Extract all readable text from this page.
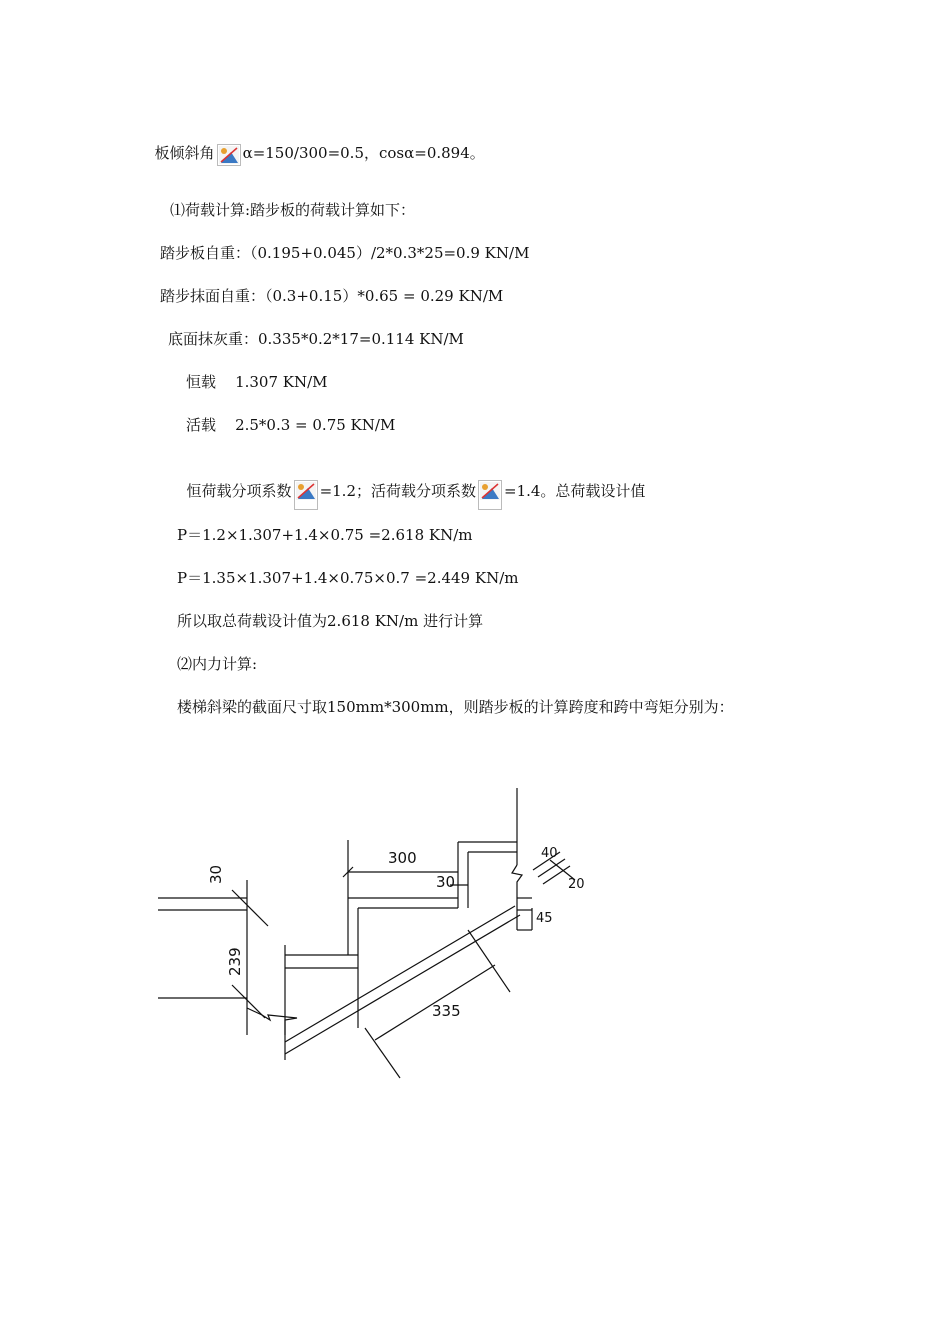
板倾斜角 α=150/300=0.5，cosα=0.894。

⑴荷载计算:踏步板的荷载计算如下：
踏步板自重：（0.195+0.045）/2*0.3*25=0.9 KN/M
踏步抹面自重：（0.3+0.15）*0.65 = 0.29 KN/M
底面抹灰重：0.335*0.2*17=0.114 KN/M
恒载    1.307 KN/M
活载    2.5*0.3 = 0.75 KN/M

恒荷载分项系数 =1.2；活荷载分项系数 =1.4。总荷载设计值

P＝1.2×1.307+1.4×0.75 =2.618 KN/m
P＝1.35×1.307+1.4×0.75×0.7 =2.449 KN/m
所以取总荷载设计值为2.618 KN/m 进行计算
⑵内力计算:
楼梯斜梁的截面尺寸取150mm*300mm，则踏步板的计算跨度和跨中弯矩分别为：
300
30
30
239
40
20
45
335
